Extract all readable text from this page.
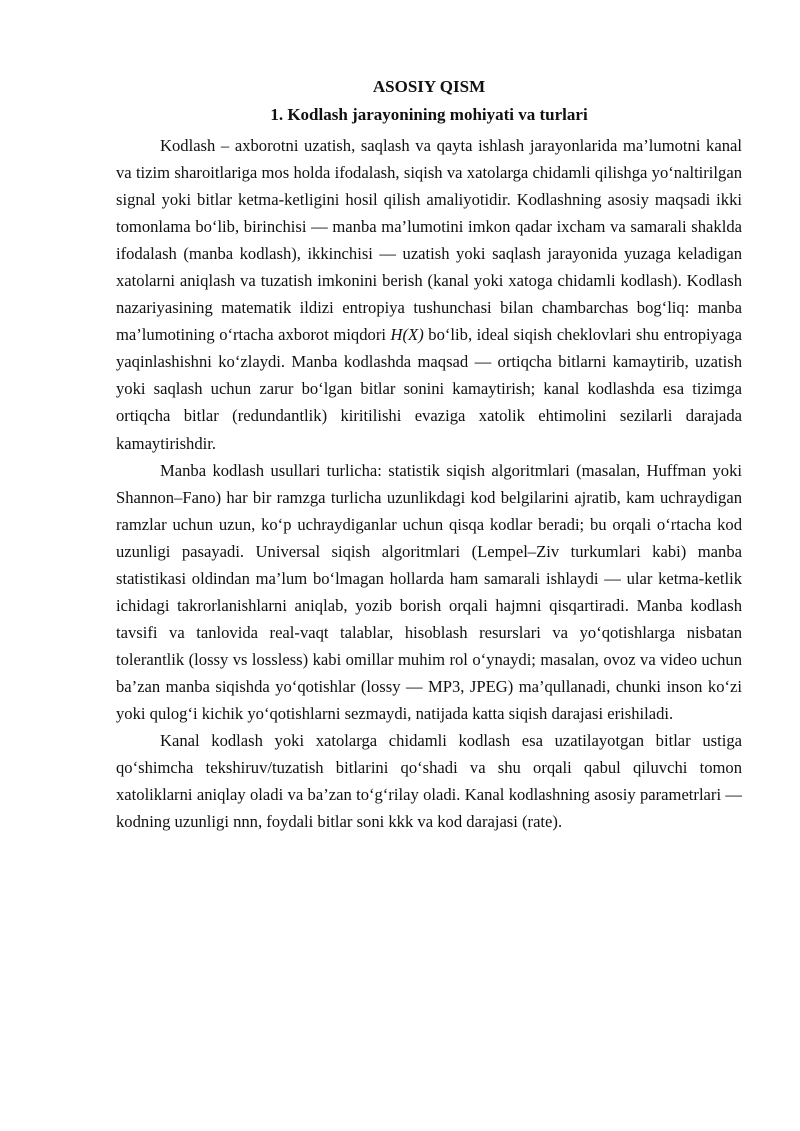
ASOSIY QISM
1. Kodlash jarayonining mohiyati va turlari

Kodlash – axborotni uzatish, saqlash va qayta ishlash jarayonlarida ma’lumotni kanal va tizim sharoitlariga mos holda ifodalash, siqish va xatolarga chidamli qilishga yo‘naltirilgan signal yoki bitlar ketma-ketligini hosil qilish amaliyotidir. Kodlashning asosiy maqsadi ikki tomonlama bo‘lib, birinchisi — manba ma’lumotini imkon qadar ixcham va samarali shaklda ifodalash (manba kodlash), ikkinchisi — uzatish yoki saqlash jarayonida yuzaga keladigan xatolarni aniqlash va tuzatish imkonini berish (kanal yoki xatoga chidamli kodlash). Kodlash nazariyasining matematik ildizi entropiya tushunchasi bilan chambarchas bog‘liq: manba ma’lumotining o‘rtacha axborot miqdori H(X) bo‘lib, ideal siqish cheklovlari shu entropiyaga yaqinlashishni ko‘zlaydi. Manba kodlashda maqsad — ortiqcha bitlarni kamaytirib, uzatish yoki saqlash uchun zarur bo‘lgan bitlar sonini kamaytirish; kanal kodlashda esa tizimga ortiqcha bitlar (redundantlik) kiritilishi evaziga xatolik ehtimolini sezilarli darajada kamaytirishdir.

Manba kodlash usullari turlicha: statistik siqish algoritmlari (masalan, Huffman yoki Shannon–Fano) har bir ramzga turlicha uzunlikdagi kod belgilarini ajratib, kam uchraydigan ramzlar uchun uzun, ko‘p uchraydiganlar uchun qisqa kodlar beradi; bu orqali o‘rtacha kod uzunligi pasayadi. Universal siqish algoritmlari (Lempel–Ziv turkumlari kabi) manba statistikasi oldindan ma’lum bo‘lmagan hollarda ham samarali ishlaydi — ular ketma-ketlik ichidagi takrorlanishlarni aniqlab, yozib borish orqali hajmni qisqartiradi. Manba kodlash tavsifi va tanlovida real-vaqt talablar, hisoblash resurslari va yo‘qotishlarga nisbatan tolerantlik (lossy vs lossless) kabi omillar muhim rol o‘ynaydi; masalan, ovoz va video uchun ba’zan manba siqishda yo‘qotishlar (lossy — MP3, JPEG) ma’qullanadi, chunki inson ko‘zi yoki qulog‘i kichik yo‘qotishlarni sezmaydi, natijada katta siqish darajasi erishiladi.

Kanal kodlash yoki xatolarga chidamli kodlash esa uzatilayotgan bitlar ustiga qo‘shimcha tekshiruv/tuzatish bitlarini qo‘shadi va shu orqali qabul qiluvchi tomon xatoliklarni aniqlay oladi va ba’zan to‘g‘rilay oladi. Kanal kodlashning asosiy parametrlari — kodning uzunligi nnn, foydali bitlar soni kkk va kod darajasi (rate).
